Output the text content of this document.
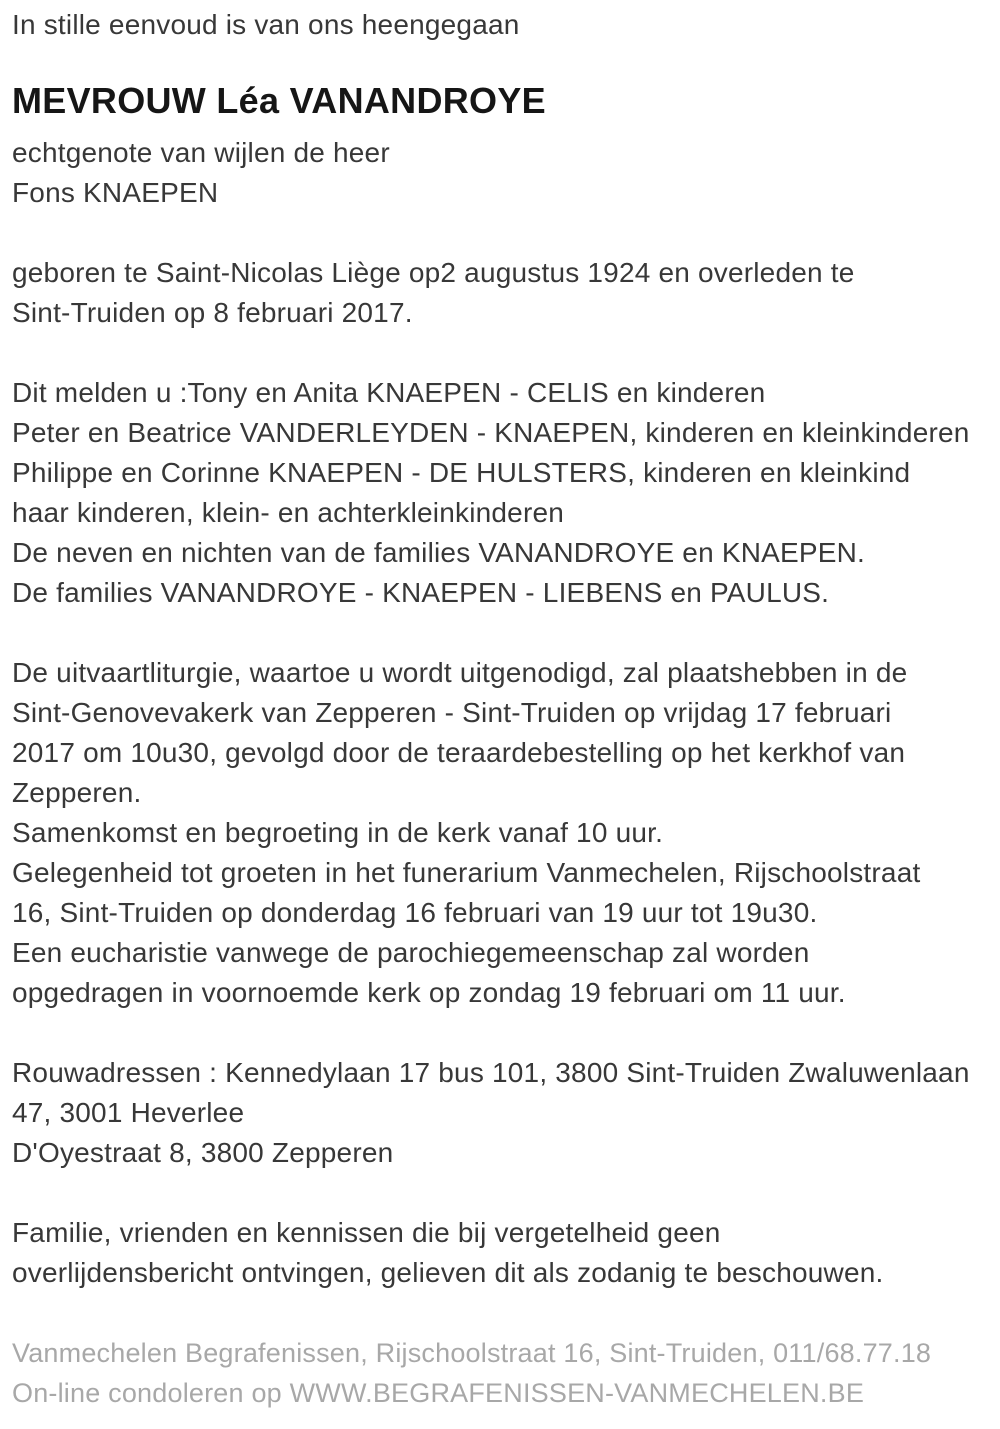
In stille eenvoud is van ons heengegaan
MEVROUW Léa VANANDROYE
echtgenote van wijlen de heer
Fons KNAEPEN
geboren te Saint-Nicolas Liège op2 augustus 1924 en overleden te
Sint-Truiden op 8 februari 2017.
Dit melden u :Tony en Anita KNAEPEN - CELIS en kinderen
Peter en Beatrice VANDERLEYDEN - KNAEPEN, kinderen en kleinkinderen
Philippe en Corinne KNAEPEN - DE HULSTERS, kinderen en kleinkind
haar kinderen, klein- en achterkleinkinderen
De neven en nichten van de families VANANDROYE en KNAEPEN.
De families VANANDROYE - KNAEPEN - LIEBENS en PAULUS.
De uitvaartliturgie, waartoe u wordt uitgenodigd, zal plaatshebben in de
Sint-Genovevakerk van Zepperen - Sint-Truiden op vrijdag 17 februari
2017 om 10u30, gevolgd door de teraardebestelling op het kerkhof van
Zepperen.
Samenkomst en begroeting in de kerk vanaf 10 uur.
Gelegenheid tot groeten in het funerarium Vanmechelen, Rijschoolstraat
16, Sint-Truiden op donderdag 16 februari van 19 uur tot 19u30.
Een eucharistie vanwege de parochiegemeenschap zal worden
opgedragen in voornoemde kerk op zondag 19 februari om 11 uur.
Rouwadressen : Kennedylaan 17 bus 101, 3800 Sint-Truiden Zwaluwenlaan
47, 3001 Heverlee
D'Oyestraat 8, 3800 Zepperen
Familie, vrienden en kennissen die bij vergetelheid geen
overlijdensbericht ontvingen, gelieven dit als zodanig te beschouwen.
Vanmechelen Begrafenissen, Rijschoolstraat 16, Sint-Truiden, 011/68.77.18
On-line condoleren op WWW.BEGRAFENISSEN-VANMECHELEN.BE
